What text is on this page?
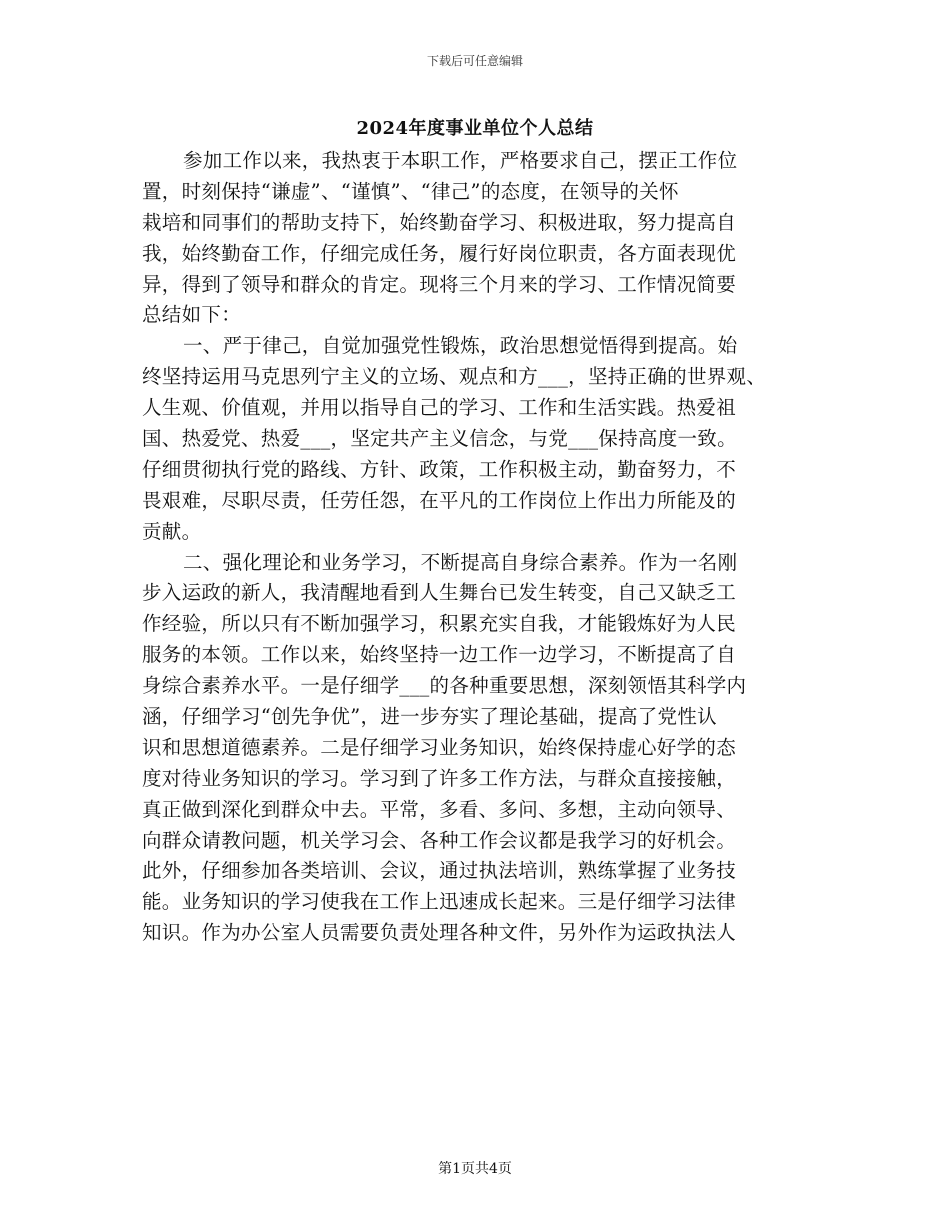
下载后可任意编辑
2024年度事业单位个人总结
参加工作以来，我热衷于本职工作，严格要求自己，摆正工作位
置，时刻保持“谦虚”、“谨慎”、“律己”的态度，在领导的关怀
栽培和同事们的帮助支持下，始终勤奋学习、积极进取，努力提高自
我，始终勤奋工作，仔细完成任务，履行好岗位职责，各方面表现优
异，得到了领导和群众的肯定。现将三个月来的学习、工作情况简要
总结如下：
一、严于律己，自觉加强党性锻炼，政治思想觉悟得到提高。始
终坚持运用马克思列宁主义的立场、观点和方___，坚持正确的世界观、
人生观、价值观，并用以指导自己的学习、工作和生活实践。热爱祖
国、热爱党、热爱___，坚定共产主义信念，与党___保持高度一致。
仔细贯彻执行党的路线、方针、政策，工作积极主动，勤奋努力，不
畏艰难，尽职尽责，任劳任怨，在平凡的工作岗位上作出力所能及的
贡献。
二、强化理论和业务学习，不断提高自身综合素养。作为一名刚
步入运政的新人，我清醒地看到人生舞台已发生转变，自己又缺乏工
作经验，所以只有不断加强学习，积累充实自我，才能锻炼好为人民
服务的本领。工作以来，始终坚持一边工作一边学习，不断提高了自
身综合素养水平。一是仔细学___的各种重要思想，深刻领悟其科学内
涵，仔细学习“创先争优”，进一步夯实了理论基础，提高了党性认
识和思想道德素养。二是仔细学习业务知识，始终保持虚心好学的态
度对待业务知识的学习。学习到了许多工作方法，与群众直接接触，
真正做到深化到群众中去。平常，多看、多问、多想，主动向领导、
向群众请教问题，机关学习会、各种工作会议都是我学习的好机会。
此外，仔细参加各类培训、会议，通过执法培训，熟练掌握了业务技
能。业务知识的学习使我在工作上迅速成长起来。三是仔细学习法律
知识。作为办公室人员需要负责处理各种文件，另外作为运政执法人
第1页共4页
